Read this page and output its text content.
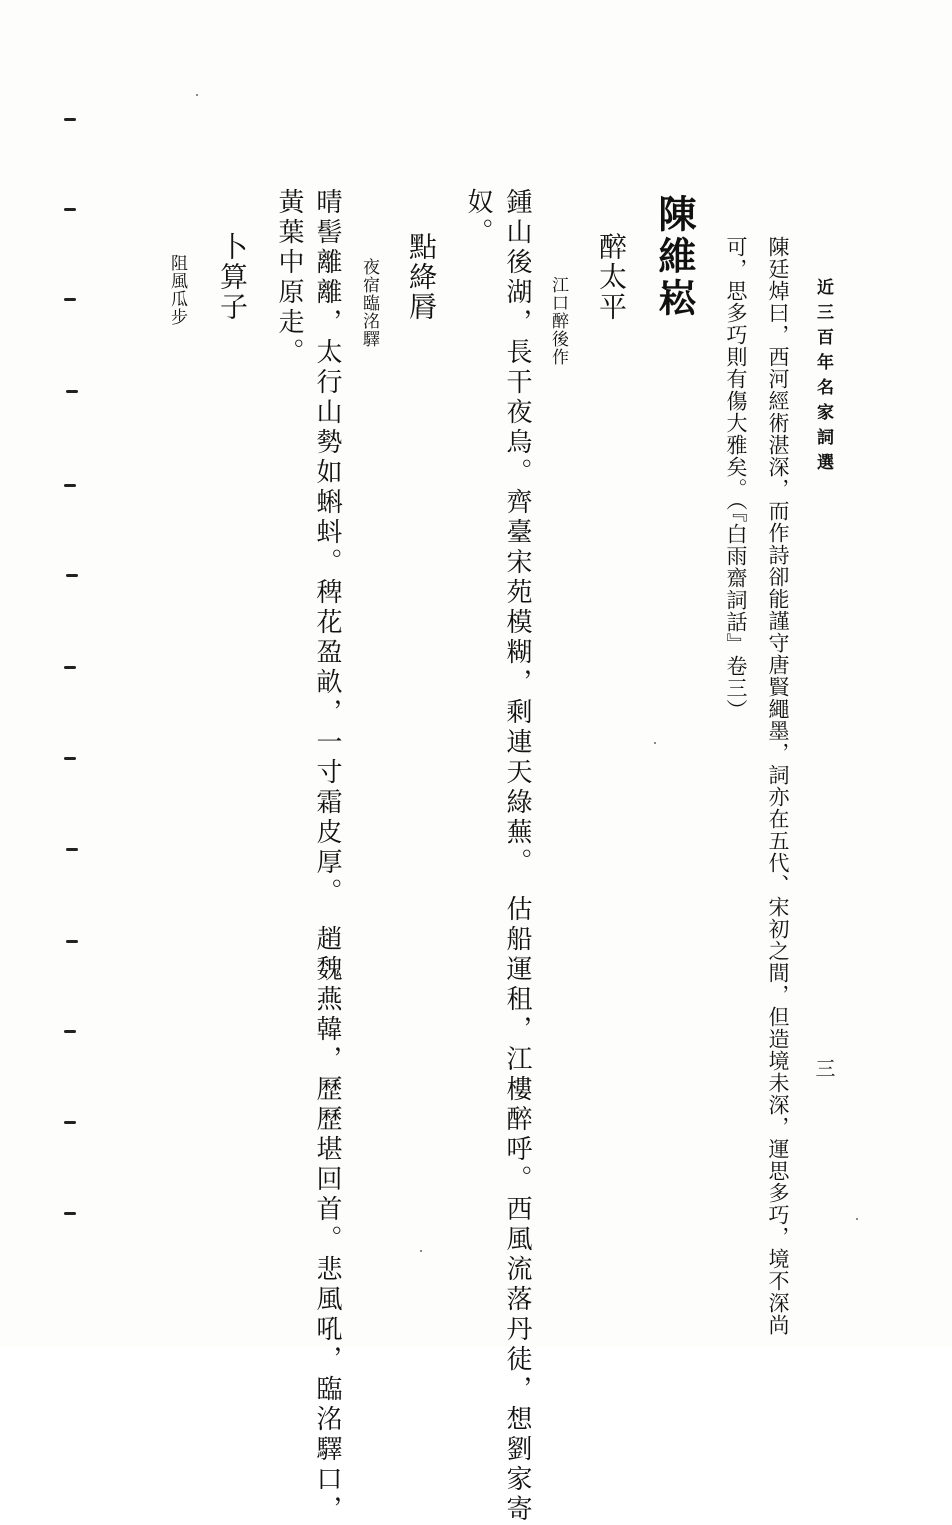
近三百年名家詞選
三
陳廷焯曰，西河經術湛深，而作詩卻能謹守唐賢繩墨，詞亦在五代、宋初之間，但造境未深，運思多巧，境不深尚
可，思多巧則有傷大雅矣。（『白雨齋詞話』卷三）
陳維崧
醉太平
江口醉後作
鍾山後湖，長干夜烏。齊臺宋苑模糊，剩連天綠蕪。　估船運租，江樓醉呼。西風流落丹徒，想劉家寄
奴。
點絳脣
夜宿臨洺驛
晴髻離離，太行山勢如蝌蚪。稗花盈畝，一寸霜皮厚。　趙魏燕韓，歷歷堪回首。悲風吼，臨洺驛口，
黃葉中原走。
卜算子
阻風瓜步
